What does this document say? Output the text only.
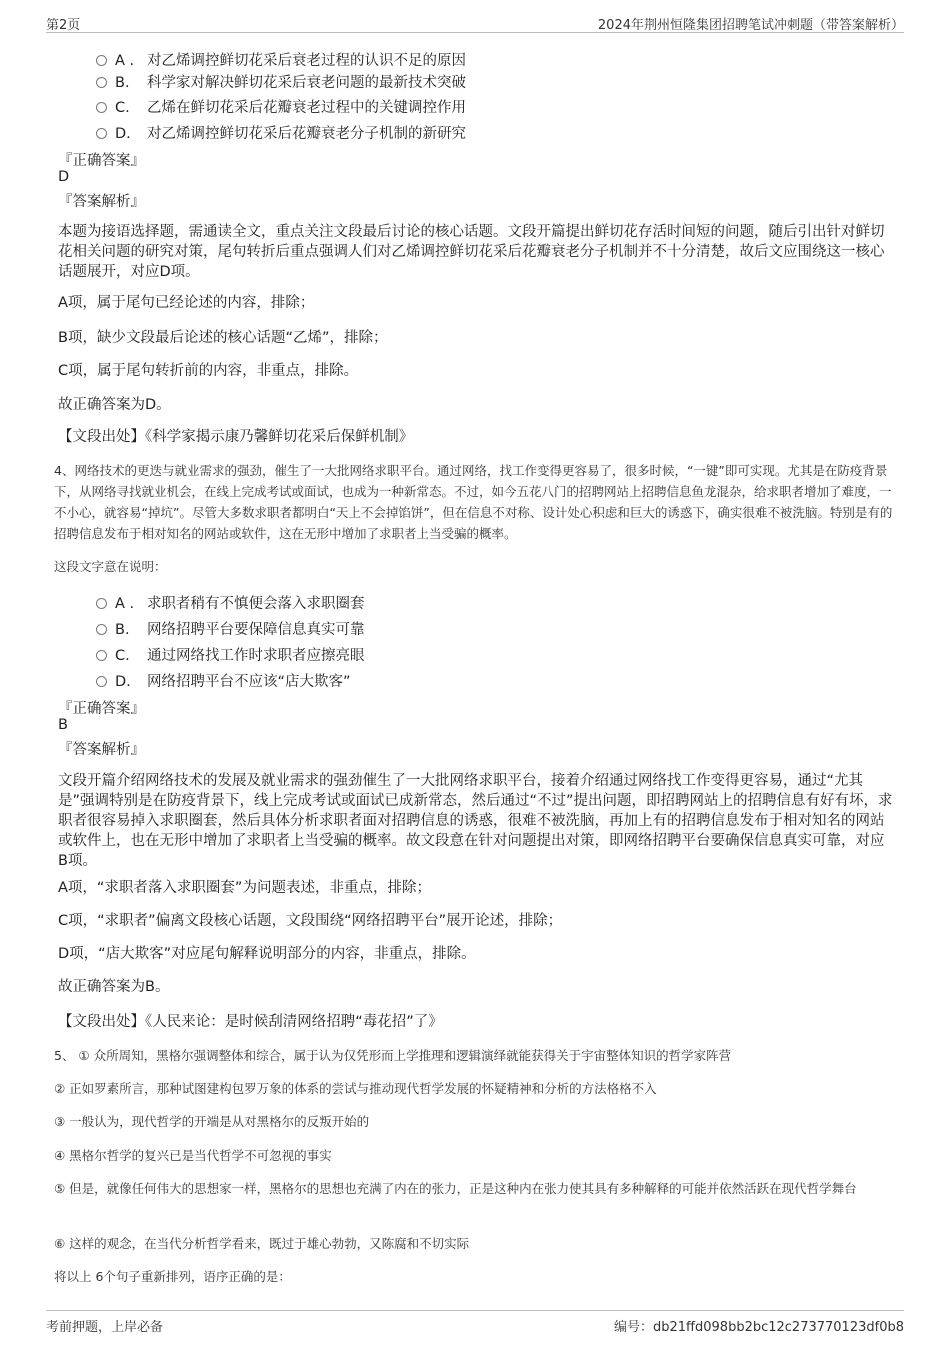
第2页	2024年荆州恒隆集团招聘笔试冲刺题（带答案解析）
A . 对乙烯调控鲜切花采后衰老过程的认识不足的原因
B. 科学家对解决鲜切花采后衰老问题的最新技术突破
C. 乙烯在鲜切花采后花瓣衰老过程中的关键调控作用
D. 对乙烯调控鲜切花采后花瓣衰老分子机制的新研究
『正确答案』
D
『答案解析』
本题为接语选择题，需通读全文，重点关注文段最后讨论的核心话题。文段开篇提出鲜切花存活时间短的问题，随后引出针对鲜切花相关问题的研究对策，尾句转折后重点强调人们对乙烯调控鲜切花采后花瓣衰老分子机制并不十分清楚，故后文应围绕这一核心话题展开，对应D项。
A项，属于尾句已经论述的内容，排除；
B项，缺少文段最后论述的核心话题“乙烯”，排除；
C项，属于尾句转折前的内容，非重点，排除。
故正确答案为D。
【文段出处】《科学家揭示康乃馨鲜切花采后保鲜机制》
4、网络技术的更迭与就业需求的强劲，催生了一大批网络求职平台。通过网络，找工作变得更容易了，很多时候，“一键”即可实现。尤其是在防疫背景下，从网络寻找就业机会，在线上完成考试或面试，也成为一种新常态。不过，如今五花八门的招聘网站上招聘信息鱼龙混杂，给求职者增加了难度，一不小心，就容易“掉坑”。尽管大多数求职者都明白“天上不会掉馅饼”，但在信息不对称、设计处心积虑和巨大的诱惑下，确实很难不被洗脑。特别是有的招聘信息发布于相对知名的网站或软件，这在无形中增加了求职者上当受骗的概率。
这段文字意在说明：
A . 求职者稍有不慎便会落入求职圈套
B. 网络招聘平台要保障信息真实可靠
C. 通过网络找工作时求职者应擦亮眼
D. 网络招聘平台不应该“店大欺客”
『正确答案』
B
『答案解析』
文段开篇介绍网络技术的发展及就业需求的强劲催生了一大批网络求职平台，接着介绍通过网络找工作变得更容易，通过“尤其是”强调特别是在防疫背景下，线上完成考试或面试已成新常态，然后通过“不过”提出问题，即招聘网站上的招聘信息有好有坏，求职者很容易掉入求职圈套，然后具体分析求职者面对招聘信息的诱惑，很难不被洗脑，再加上有的招聘信息发布于相对知名的网站或软件上，也在无形中增加了求职者上当受骗的概率。故文段意在针对问题提出对策，即网络招聘平台要确保信息真实可靠，对应B项。
A项，“求职者落入求职圈套”为问题表述，非重点，排除；
C项，“求职者”偏离文段核心话题，文段围绕“网络招聘平台”展开论述，排除；
D项，“店大欺客”对应尾句解释说明部分的内容，非重点，排除。
故正确答案为B。
【文段出处】《人民来论：是时候刮清网络招聘“毒花招”了》
5、 ① 众所周知，黑格尔强调整体和综合，属于认为仅凭形而上学推理和逻辑演绎就能获得关于宇宙整体知识的哲学家阵营
② 正如罗素所言，那种试图建构包罗万象的体系的尝试与推动现代哲学发展的怀疑精神和分析的方法格格不入
③ 一般认为，现代哲学的开端是从对黑格尔的反叛开始的
④ 黑格尔哲学的复兴已是当代哲学不可忽视的事实
⑤ 但是，就像任何伟大的思想家一样，黑格尔的思想也充满了内在的张力，正是这种内在张力使其具有多种解释的可能并依然活跃在现代哲学舞台
⑥ 这样的观念，在当代分析哲学看来，既过于雄心勃勃，又陈腐和不切实际
将以上 6个句子重新排列，语序正确的是：
考前押题，上岸必备	编号：db21ffd098bb2bc12c273770123df0b8
